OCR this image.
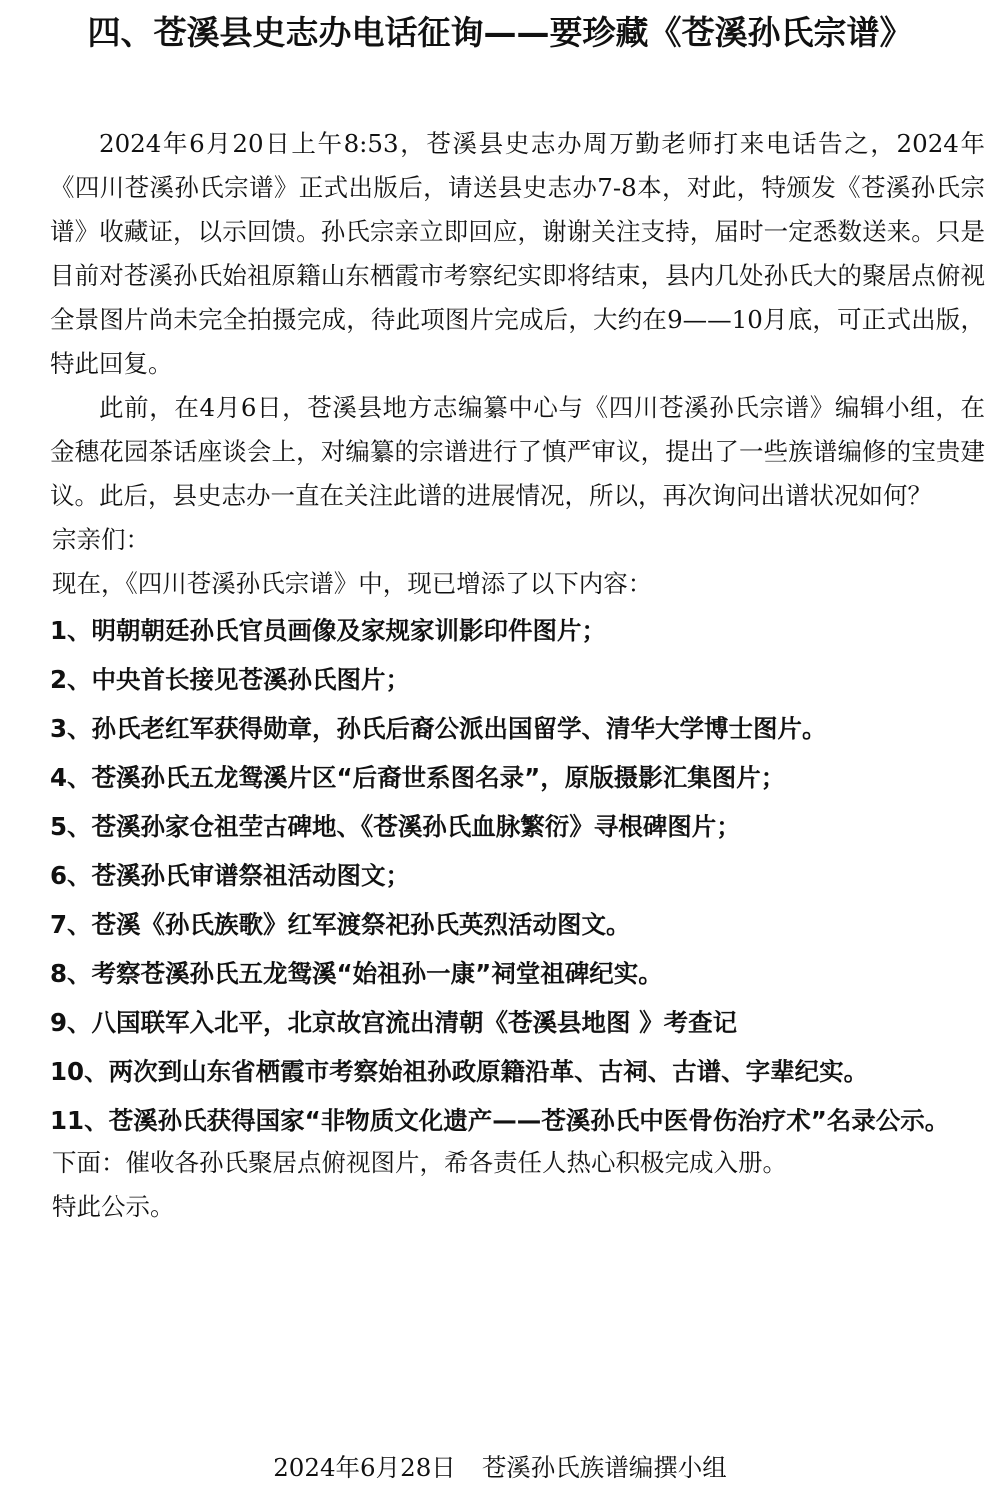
四、苍溪县史志办电话征询——要珍藏《苍溪孙氏宗谱》

2024年6月20日上午8:53，苍溪县史志办周万勤老师打来电话告之，2024年《四川苍溪孙氏宗谱》正式出版后，请送县史志办7-8本，对此，特颁发《苍溪孙氏宗谱》收藏证，以示回馈。孙氏宗亲立即回应，谢谢关注支持，届时一定悉数送来。只是目前对苍溪孙氏始祖原籍山东栖霞市考察纪实即将结束，县内几处孙氏大的聚居点俯视全景图片尚未完全拍摄完成，待此项图片完成后，大约在9——10月底，可正式出版，特此回复。

此前，在4月6日，苍溪县地方志编纂中心与《四川苍溪孙氏宗谱》编辑小组，在金穗花园茶话座谈会上，对编纂的宗谱进行了慎严审议，提出了一些族谱编修的宝贵建议。此后，县史志办一直在关注此谱的进展情况，所以，再次询问出谱状况如何？

宗亲们：

现在，《四川苍溪孙氏宗谱》中，现已增添了以下内容：

1、明朝朝廷孙氏官员画像及家规家训影印件图片；
2、中央首长接见苍溪孙氏图片；
3、孙氏老红军获得勋章，孙氏后裔公派出国留学、清华大学博士图片。
4、苍溪孙氏五龙鸳溪片区“后裔世系图名录”，原版摄影汇集图片；
5、苍溪孙家仓祖茔古碑地、《苍溪孙氏血脉繁衍》寻根碑图片；
6、苍溪孙氏审谱祭祖活动图文；
7、苍溪《孙氏族歌》红军渡祭祀孙氏英烈活动图文。
8、考察苍溪孙氏五龙鸳溪“始祖孙一康”祠堂祖碑纪实。
9、八国联军入北平，北京故宫流出清朝《苍溪县地图 》考查记
10、两次到山东省栖霞市考察始祖孙政原籍沿革、古祠、古谱、字辈纪实。
11、苍溪孙氏获得国家“非物质文化遗产——苍溪孙氏中医骨伤治疗术”名录公示。

下面：催收各孙氏聚居点俯视图片，希各责任人热心积极完成入册。

特此公示。

2024年6月28日 苍溪孙氏族谱编撰小组
